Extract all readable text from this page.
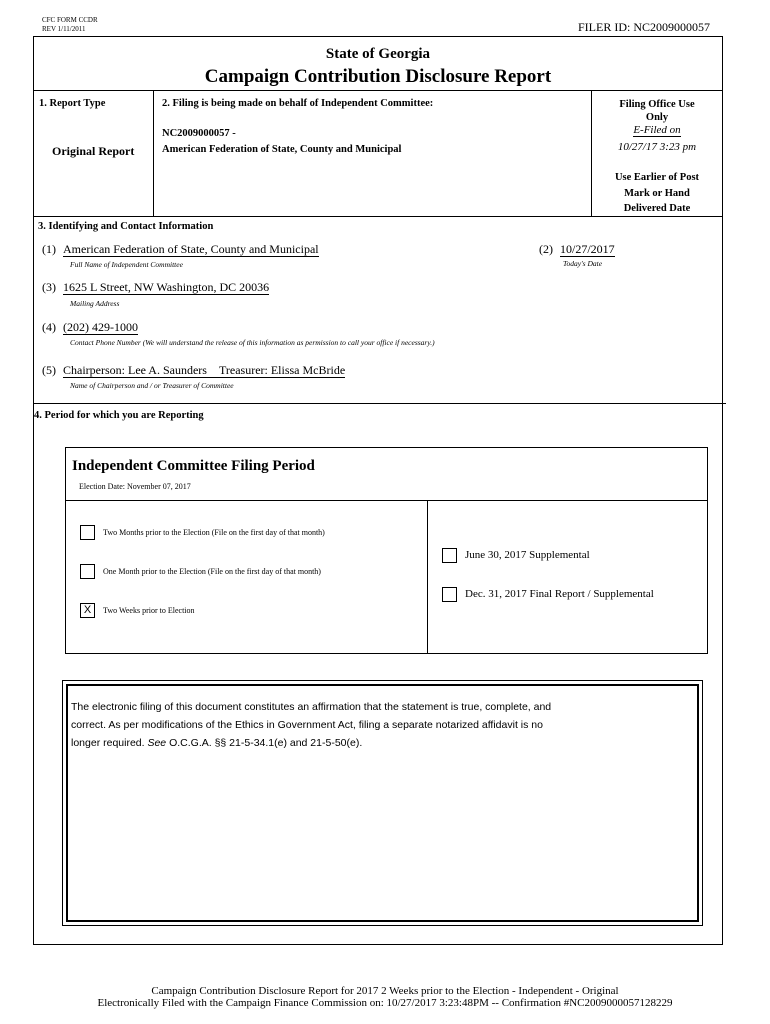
CFC FORM CCDR
REV 1/11/2011	FILER ID: NC2009000057
State of Georgia
Campaign Contribution Disclosure Report
1. Report Type
Original Report
2. Filing is being made on behalf of Independent Committee:
NC2009000057 -
American Federation of State, County and Municipal
Filing Office Use
Only
E-Filed on
10/27/17 3:23 pm
Use Earlier of Post
Mark or Hand
Delivered Date
3. Identifying and Contact Information
(1) American Federation of State, County and Municipal
Full Name of Independent Committee
(2) 10/27/2017
Today's Date
(3) 1625 L Street, NW Washington, DC 20036
Mailing Address
(4) (202) 429-1000
Contact Phone Number (We will understand the release of this information as permission to call your office if necessary.)
(5) Chairperson: Lee A. Saunders Treasurer: Elissa McBride
Name of Chairperson and / or Treasurer of Committee
4. Period for which you are Reporting
Independent Committee Filing Period
Election Date: November 07, 2017
Two Months prior to the Election (File on the first day of that month)
One Month prior to the Election (File on the first day of that month)
X	Two Weeks prior to Election
June 30, 2017 Supplemental
Dec. 31, 2017 Final Report / Supplemental
The electronic filing of this document constitutes an affirmation that the statement is true, complete, and
correct. As per modifications of the Ethics in Government Act, filing a separate notarized affidavit is no
longer required. See O.C.G.A. §§ 21-5-34.1(e) and 21-5-50(e).
Campaign Contribution Disclosure Report for 2017 2 Weeks prior to the Election - Independent - Original
Electronically Filed with the Campaign Finance Commission on: 10/27/2017 3:23:48PM -- Confirmation #NC2009000057128229
